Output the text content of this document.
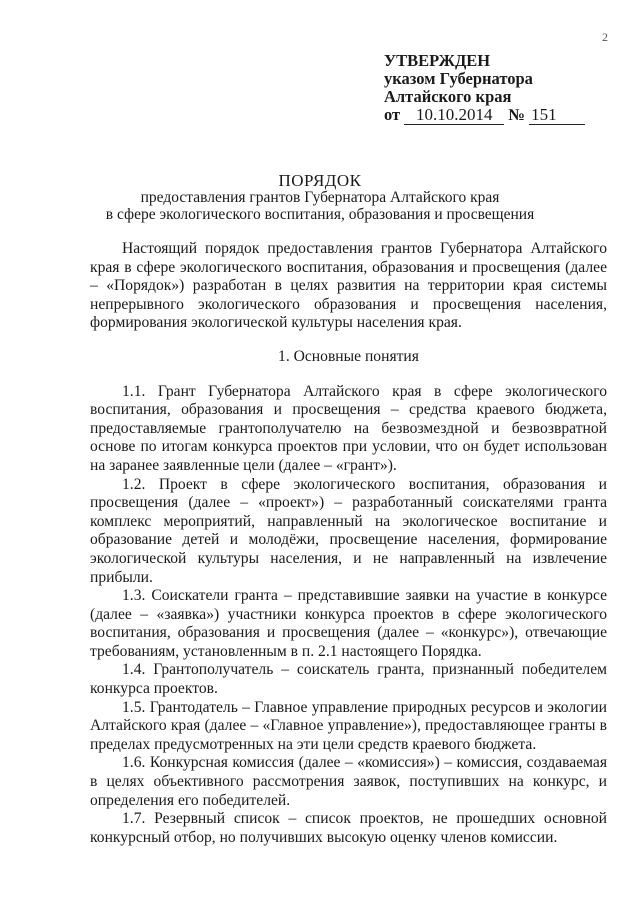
2
УТВЕРЖДЕН
указом Губернатора
Алтайского края
от 10.10.2014 № 151
ПОРЯДОК
предоставления грантов Губернатора Алтайского края
в сфере экологического воспитания, образования и просвещения

Настоящий порядок предоставления грантов Губернатора Алтайского края в сфере экологического воспитания, образования и просвещения (далее – «Порядок») разработан в целях развития на территории края системы непрерывного экологического образования и просвещения населения, формирования экологической культуры населения края.

1. Основные понятия

1.1. Грант Губернатора Алтайского края в сфере экологического воспитания, образования и просвещения – средства краевого бюджета, предоставляемые грантополучателю на безвозмездной и безвозвратной основе по итогам конкурса проектов при условии, что он будет использован на заранее заявленные цели (далее – «грант»).

1.2. Проект в сфере экологического воспитания, образования и просвещения (далее – «проект») – разработанный соискателями гранта комплекс мероприятий, направленный на экологическое воспитание и образование детей и молодёжи, просвещение населения, формирование экологической культуры населения, и не направленный на извлечение прибыли.

1.3. Соискатели гранта – представившие заявки на участие в конкурсе (далее – «заявка») участники конкурса проектов в сфере экологического воспитания, образования и просвещения (далее – «конкурс»), отвечающие требованиям, установленным в п. 2.1 настоящего Порядка.

1.4. Грантополучатель – соискатель гранта, признанный победителем конкурса проектов.

1.5. Грантодатель – Главное управление природных ресурсов и экологии Алтайского края (далее – «Главное управление»), предоставляющее гранты в пределах предусмотренных на эти цели средств краевого бюджета.

1.6. Конкурсная комиссия (далее – «комиссия») – комиссия, создаваемая в целях объективного рассмотрения заявок, поступивших на конкурс, и определения его победителей.

1.7. Резервный список – список проектов, не прошедших основной конкурсный отбор, но получивших высокую оценку членов комиссии.
